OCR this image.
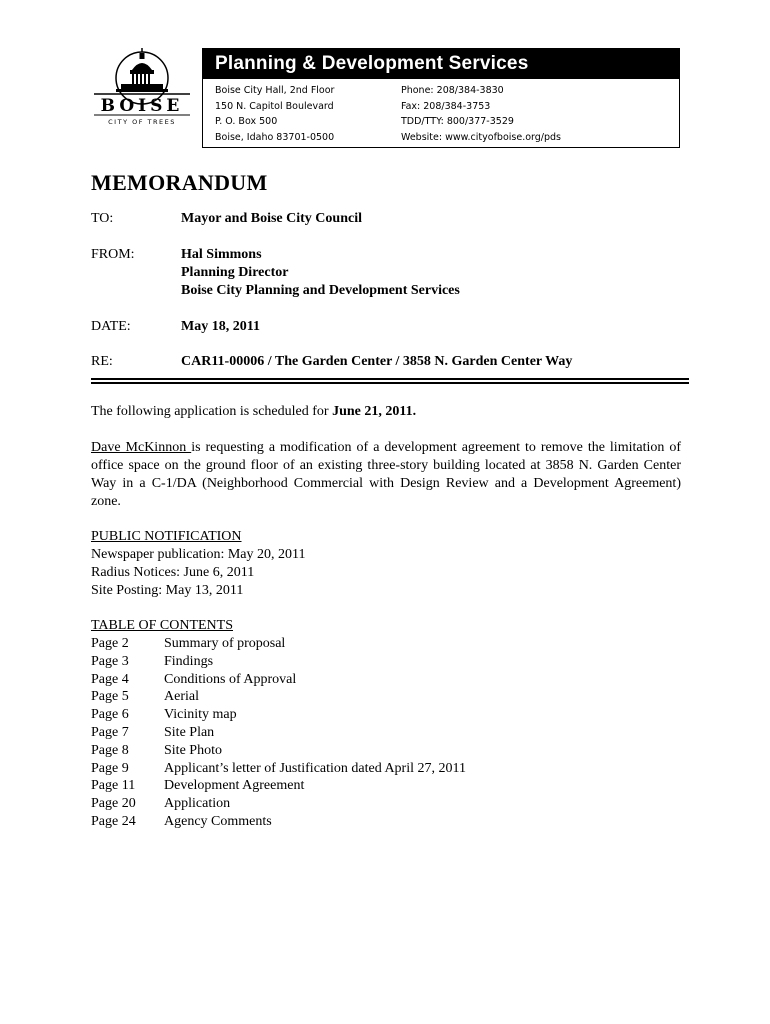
BOISE
CITY OF TREES
Planning & Development Services
Boise City Hall, 2nd Floor
150 N. Capitol Boulevard
P. O. Box 500
Boise, Idaho 83701-0500
Phone: 208/384-3830
Fax: 208/384-3753
TDD/TTY: 800/377-3529
Website: www.cityofboise.org/pds
MEMORANDUM
TO:	Mayor and Boise City Council
FROM:	Hal Simmons
Planning Director
Boise City Planning and Development Services
DATE:	May 18, 2011
RE:	CAR11-00006 / The Garden Center / 3858 N. Garden Center Way
The following application is scheduled for June 21, 2011.
Dave McKinnon is requesting a modification of a development agreement to remove the limitation of office space on the ground floor of an existing three-story building located at 3858 N. Garden Center Way in a C-1/DA (Neighborhood Commercial with Design Review and a Development Agreement) zone.
PUBLIC NOTIFICATION
Newspaper publication: May 20, 2011
Radius Notices: June 6, 2011
Site Posting: May 13, 2011
TABLE OF CONTENTS
Page 2	Summary of proposal
Page 3	Findings
Page 4	Conditions of Approval
Page 5	Aerial
Page 6	Vicinity map
Page 7	Site Plan
Page 8	Site Photo
Page 9	Applicant’s letter of Justification dated April 27, 2011
Page 11 Development Agreement
Page 20 Application
Page 24 Agency Comments
